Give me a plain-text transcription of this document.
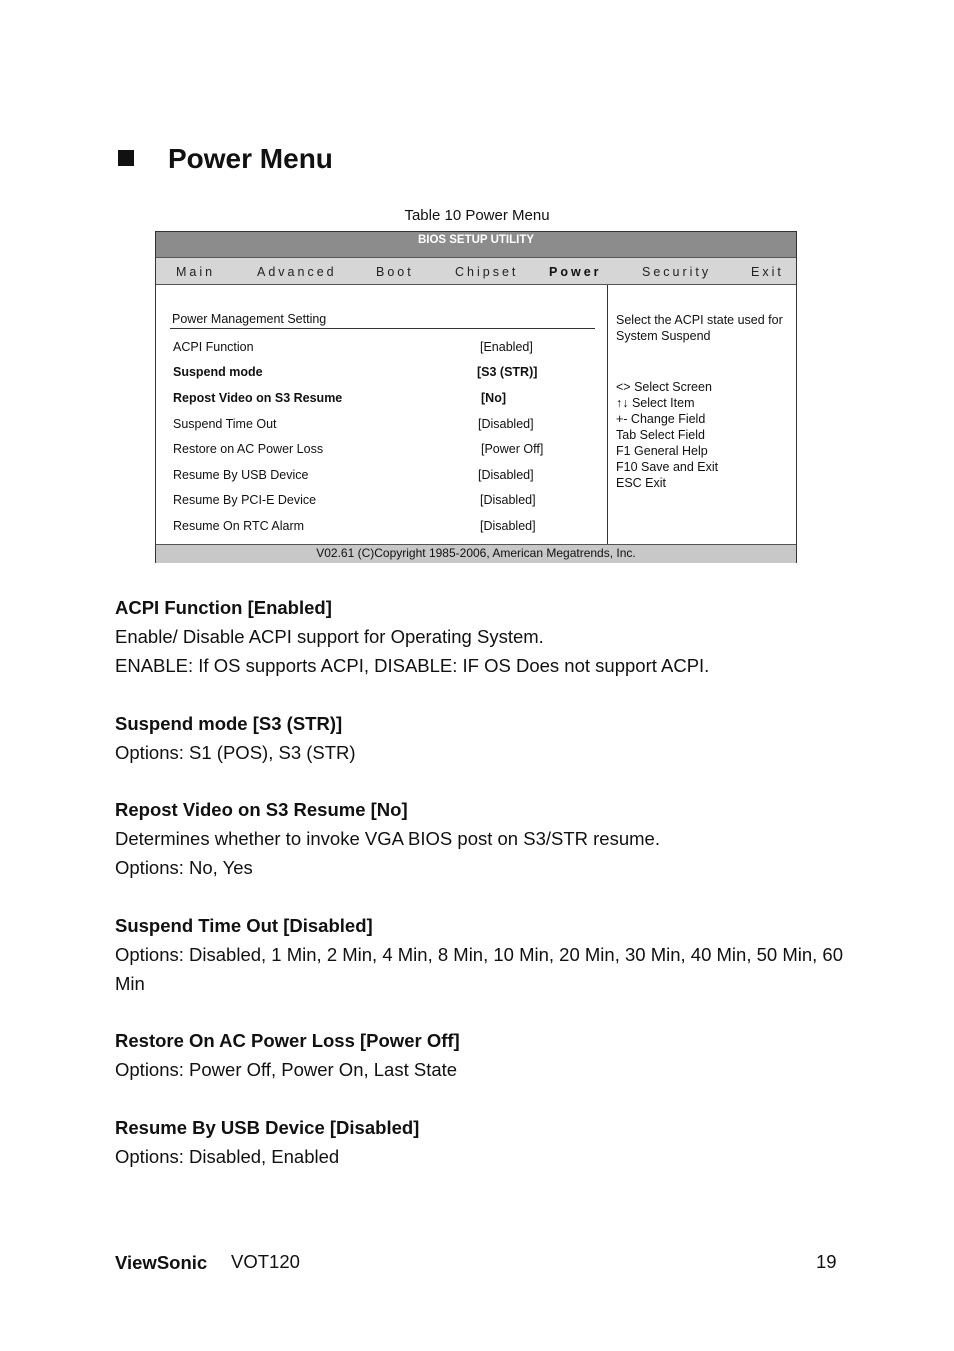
Power Menu
Table 10 Power Menu
BIOS SETUP UTILITY
Main	Advanced	Boot	Chipset Power	Security	Exit
Power Management Setting
ACPI Function	[Enabled]
Suspend mode	[S3 (STR)]
Repost Video on S3 Resume	[No]
Suspend Time Out	[Disabled]
Restore on AC Power Loss	[Power Off]
Resume By USB Device	[Disabled]
Resume By PCI-E Device	[Disabled]
Resume On RTC Alarm	[Disabled]
Select the ACPI state used for System Suspend
<> Select Screen
↑↓ Select Item
+- Change Field
Tab Select Field
F1 General Help
F10 Save and Exit
ESC Exit
V02.61 (C)Copyright 1985-2006, American Megatrends, Inc.
ACPI Function [Enabled]
Enable/ Disable ACPI support for Operating System.
ENABLE: If OS supports ACPI, DISABLE: IF OS Does not support ACPI.
Suspend mode [S3 (STR)]
Options: S1 (POS), S3 (STR)
Repost Video on S3 Resume [No]
Determines whether to invoke VGA BIOS post on S3/STR resume.
Options: No, Yes
Suspend Time Out [Disabled]
Options: Disabled, 1 Min, 2 Min, 4 Min, 8 Min, 10 Min, 20 Min, 30 Min, 40 Min, 50 Min, 60 Min
Restore On AC Power Loss [Power Off]
Options: Power Off, Power On, Last State
Resume By USB Device [Disabled]
Options: Disabled, Enabled
ViewSonic VOT120	19
